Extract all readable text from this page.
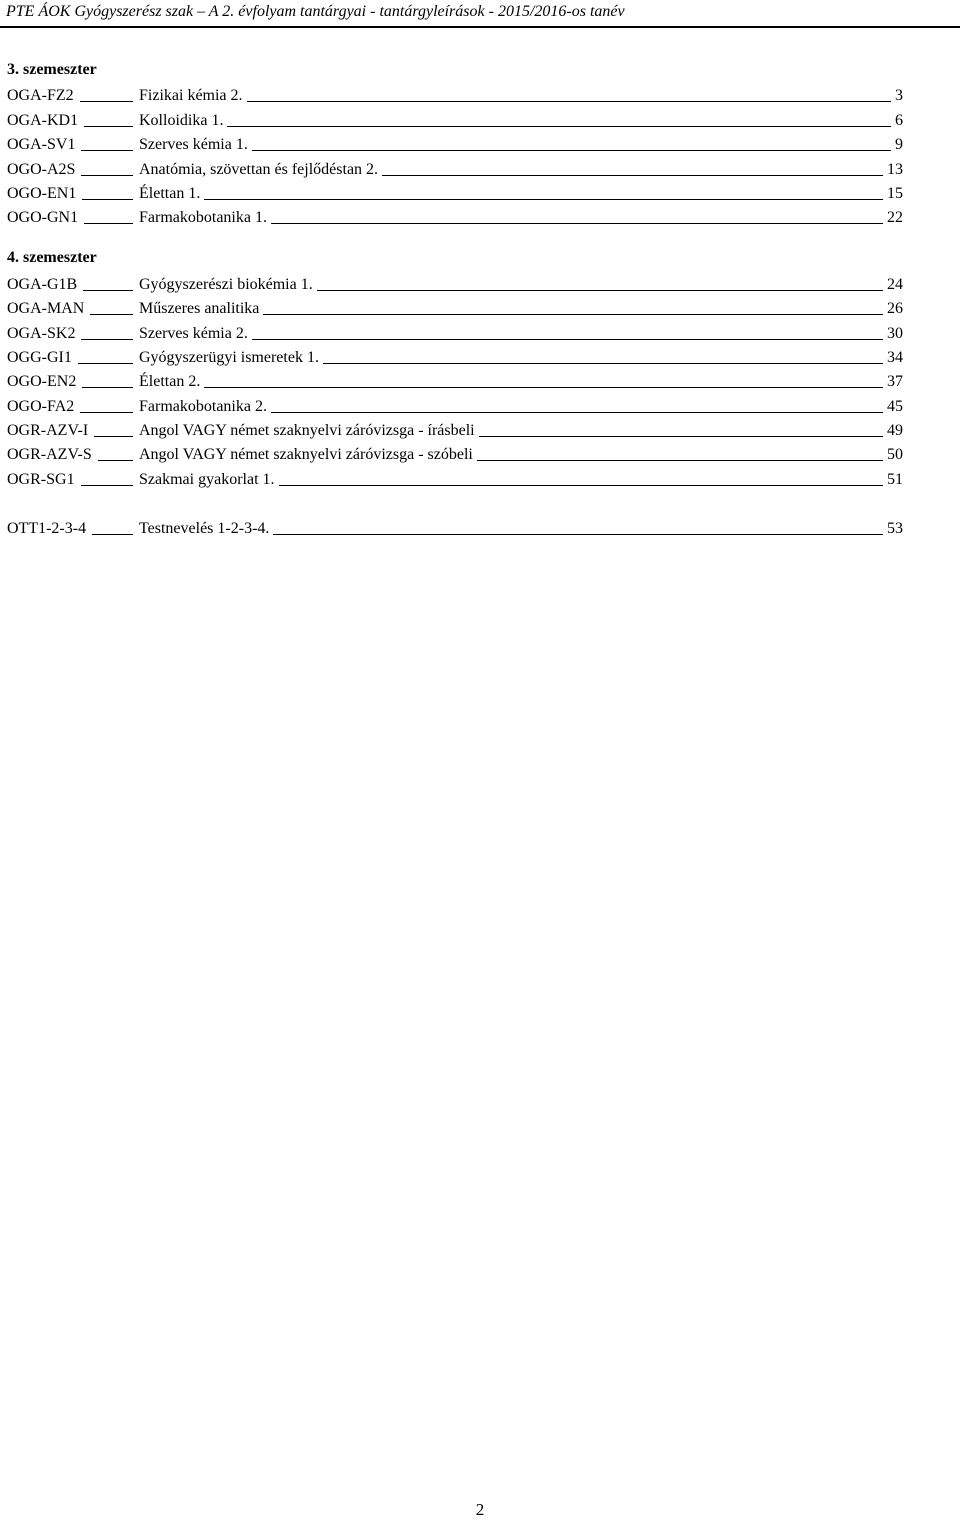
PTE ÁOK Gyógyszerész szak – A 2. évfolyam tantárgyai - tantárgyleírások - 2015/2016-os tanév
3. szemeszter
OGA-FZ2	Fizikai kémia 2.	3
OGA-KD1	Kolloidika 1.	6
OGA-SV1	Szerves kémia 1.	9
OGO-A2S	Anatómia, szövettan és fejlődéstan 2.	13
OGO-EN1	Élettan 1.	15
OGO-GN1	Farmakobotanika 1.	22
4. szemeszter
OGA-G1B	Gyógyszerészi biokémia 1.	24
OGA-MAN	Műszeres analitika	26
OGA-SK2	Szerves kémia 2.	30
OGG-GI1	Gyógyszerügyi ismeretek 1.	34
OGO-EN2	Élettan 2.	37
OGO-FA2	Farmakobotanika 2.	45
OGR-AZV-I	Angol VAGY német szaknyelvi záróvizsga - írásbeli	49
OGR-AZV-S	Angol VAGY német szaknyelvi záróvizsga - szóbeli	50
OGR-SG1	Szakmai gyakorlat 1.	51
OTT1-2-3-4	Testnevelés 1-2-3-4.	53
2
